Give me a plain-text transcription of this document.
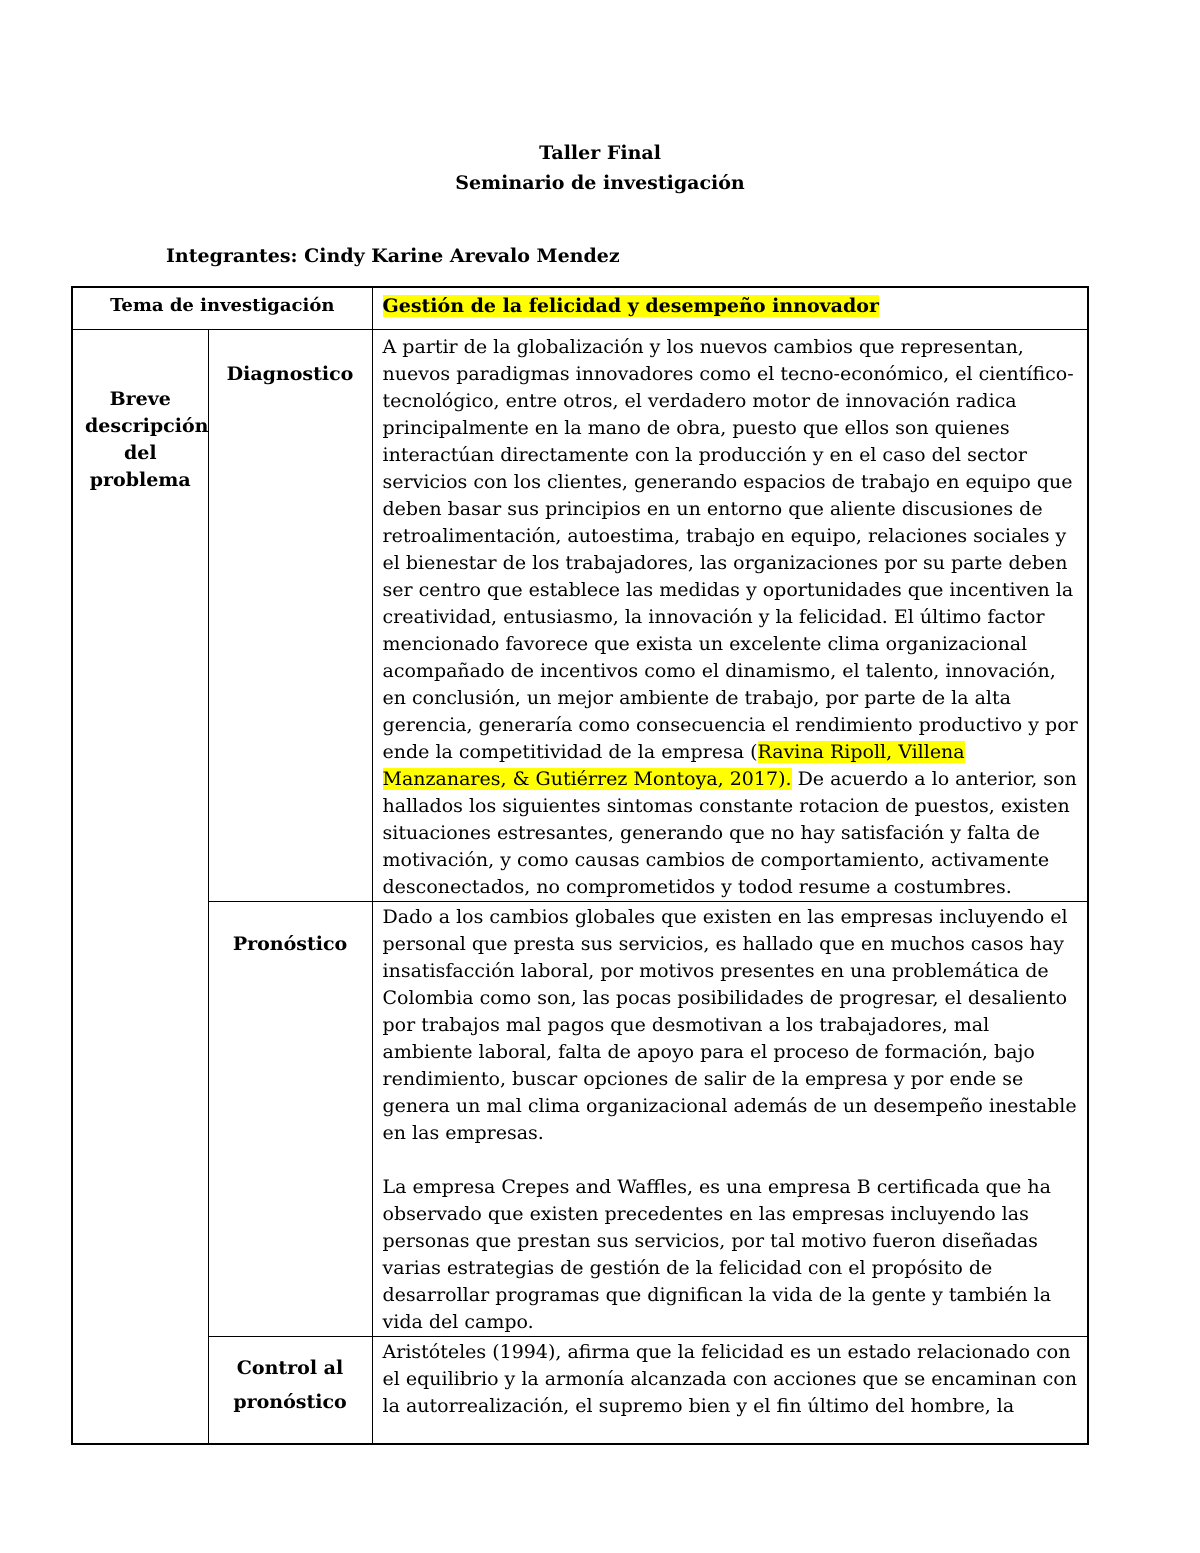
Taller Final
Seminario de investigación
Integrantes: Cindy Karine Arevalo Mendez
Tema de investigación		Gestión de la felicidad y desempeño innovador

Breve descripción del problema	Diagnostico	A partir de la globalización y los nuevos cambios que representan, nuevos paradigmas innovadores como el tecno-económico, el científico-tecnológico, entre otros, el verdadero motor de innovación radica principalmente en la mano de obra, puesto que ellos son quienes interactúan directamente con la producción y en el caso del sector servicios con los clientes, generando espacios de trabajo en equipo que deben basar sus principios en un entorno que aliente discusiones de retroalimentación, autoestima, trabajo en equipo, relaciones sociales y el bienestar de los trabajadores, las organizaciones por su parte deben ser centro que establece las medidas y oportunidades que incentiven la creatividad, entusiasmo, la innovación y la felicidad. El último factor mencionado favorece que exista un excelente clima organizacional acompañado de incentivos como el dinamismo, el talento, innovación, en conclusión, un mejor ambiente de trabajo, por parte de la alta gerencia, generaría como consecuencia el rendimiento productivo y por ende la competitividad de la empresa (Ravina Ripoll, Villena Manzanares, & Gutiérrez Montoya, 2017). De acuerdo a lo anterior, son hallados los siguientes sintomas constante rotacion de puestos, existen situaciones estresantes, generando que no hay satisfación y falta de motivación, y como causas cambios de comportamiento, activamente desconectados, no comprometidos y todod resume a costumbres.

	Pronóstico	Dado a los cambios globales que existen en las empresas incluyendo el personal que presta sus servicios, es hallado que en muchos casos hay insatisfacción laboral, por motivos presentes en una problemática de Colombia como son, las pocas posibilidades de progresar, el desaliento por trabajos mal pagos que desmotivan a los trabajadores, mal ambiente laboral, falta de apoyo para el proceso de formación, bajo rendimiento, buscar opciones de salir de la empresa y por ende se genera un mal clima organizacional además de un desempeño inestable en las empresas.

La empresa Crepes and Waffles, es una empresa B certificada que ha observado que existen precedentes en las empresas incluyendo las personas que prestan sus servicios, por tal motivo fueron diseñadas varias estrategias de gestión de la felicidad con el propósito de desarrollar programas que dignifican la vida de la gente y también la vida del campo.

	Control al pronóstico	Aristóteles (1994), afirma que la felicidad es un estado relacionado con el equilibrio y la armonía alcanzada con acciones que se encaminan con la autorrealización, el supremo bien y el fin último del hombre, la
